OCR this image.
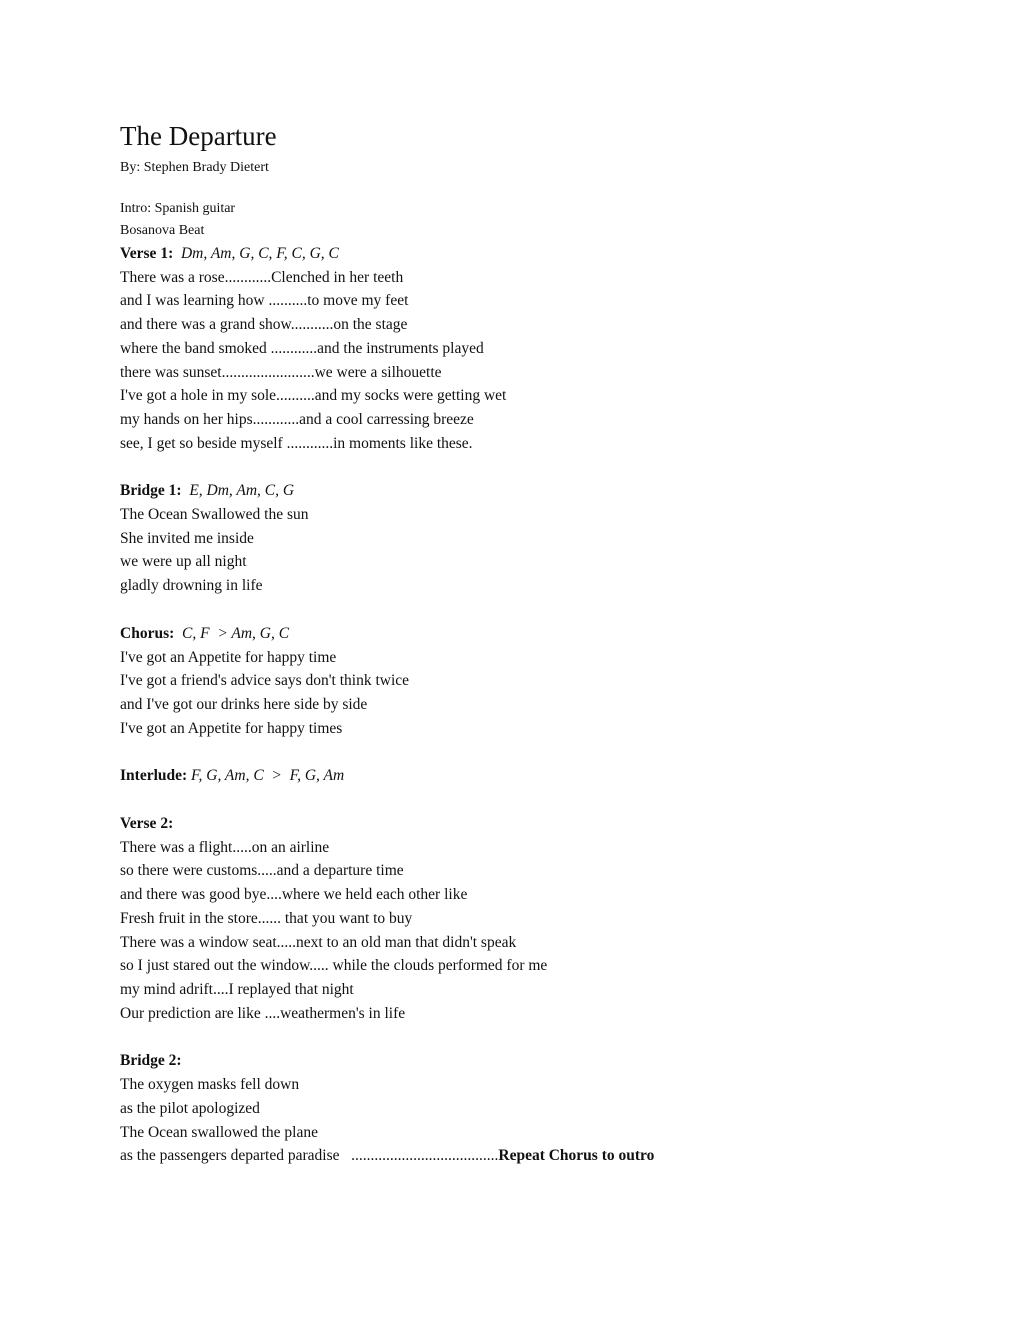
The Departure
By: Stephen Brady Dietert
Intro: Spanish guitar
Bosanova Beat
Verse 1: Dm, Am, G, C, F, C, G, C
There was a rose............Clenched in her teeth
and I was learning how ..........to move my feet
and there was a grand show...........on the stage
where the band smoked ............and the instruments played
there was sunset........................we were a silhouette
I've got a hole in my sole..........and my socks were getting wet
my hands on her hips............and a cool carressing breeze
see, I get so beside myself ............in moments like these.
Bridge 1: E, Dm, Am, C, G
The Ocean Swallowed the sun
She invited me inside
we were up all night
gladly drowning in life
Chorus: C, F  > Am, G, C
I've got an Appetite for happy time
I've got a friend's advice says don't think twice
and I've got our drinks here side by side
I've got an Appetite for happy times
Interlude: F, G, Am, C  >  F, G, Am
Verse 2:
There was a flight.....on an airline
so there were customs.....and a departure time
and there was good bye....where we held each other like
Fresh fruit in the store...... that you want to buy
There was a window seat.....next to an old man that didn't speak
so I just stared out the window..... while the clouds performed for me
my mind adrift....I replayed that night
Our prediction are like ....weathermen's in life
Bridge 2:
The oxygen masks fell down
as the pilot apologized
The Ocean swallowed the plane
as the passengers departed paradise   ......................................Repeat Chorus to outro
